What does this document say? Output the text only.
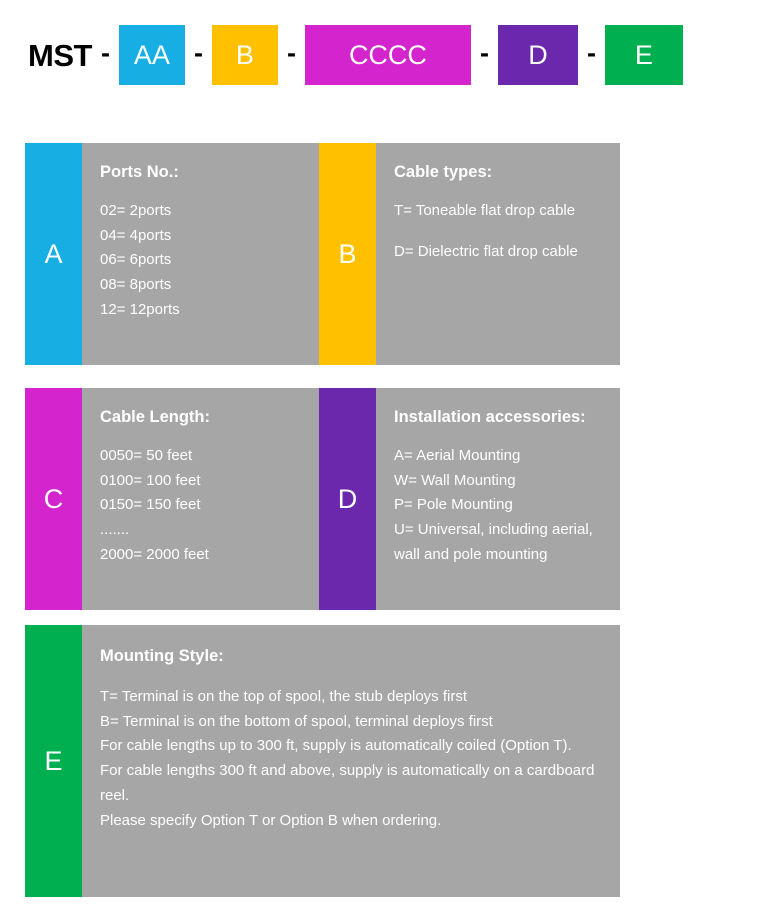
MST - AA -	B	-	CCCC	-	D	-	E
A

Ports No.:

02= 2ports

04= 4ports

06= 6ports

08= 8ports

12= 12ports

B

Cable types:

T= Toneable flat drop cable

D= Dielectric flat drop cable

C

Cable Length:

0050= 50 feet

0100= 100 feet

0150= 150 feet

.......

2000= 2000 feet

D

Installation accessories:

A= Aerial Mounting

W= Wall Mounting

P= Pole Mounting

U= Universal, including aerial, wall and pole mounting

E

Mounting Style:

T= Terminal is on the top of spool, the stub deploys first

B= Terminal is on the bottom of spool, terminal deploys first

For cable lengths up to 300 ft, supply is automatically coiled (Option T).

For cable lengths 300 ft and above, supply is automatically on a cardboard reel.

Please specify Option T or Option B when ordering.
